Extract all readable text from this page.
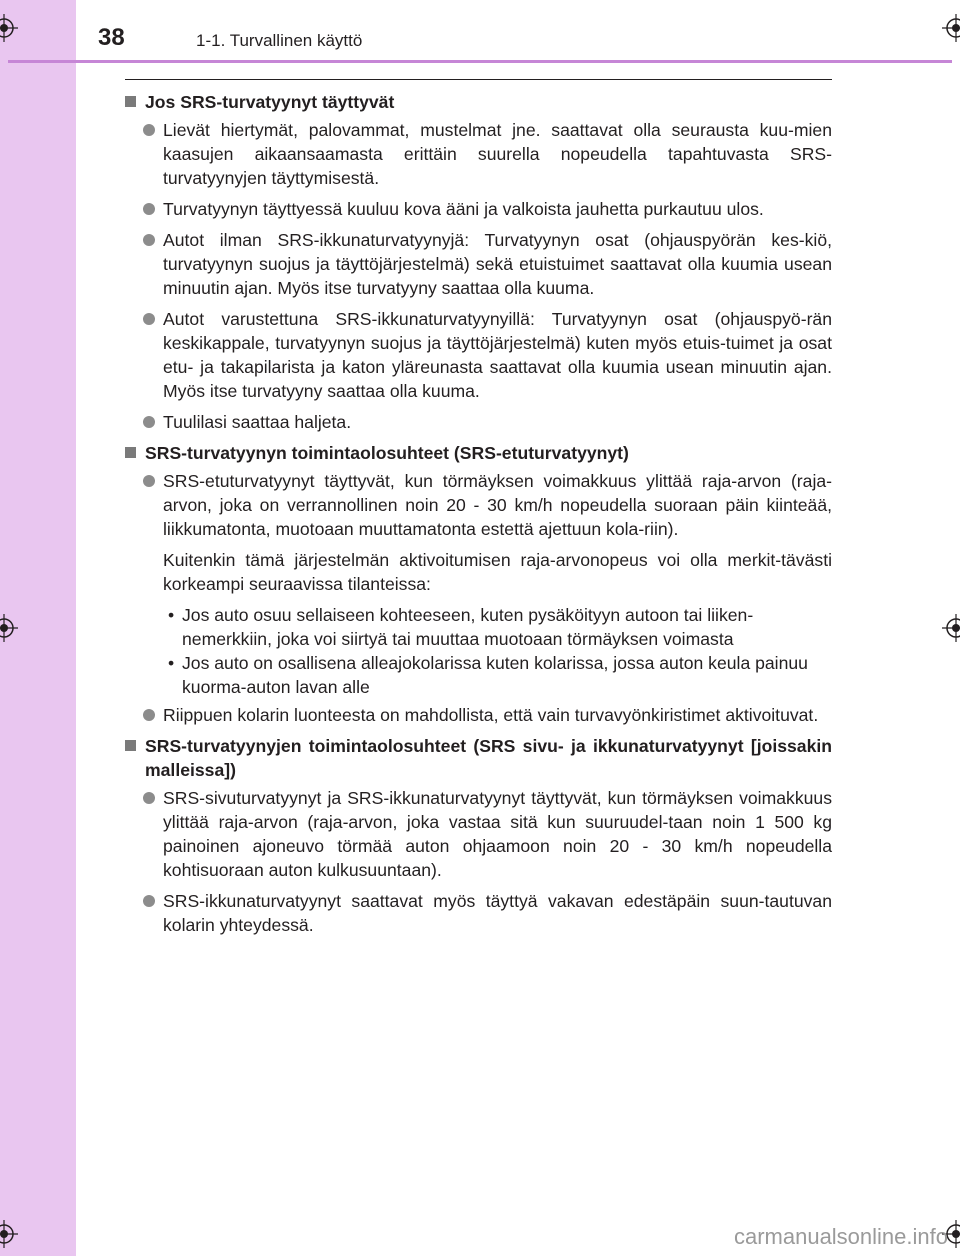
38	1-1. Turvallinen käyttö
Jos SRS-turvatyynyt täyttyvät
Lievät hiertymät, palovammat, mustelmat jne. saattavat olla seurausta kuu-mien kaasujen aikaansaamasta erittäin suurella nopeudella tapahtuvasta SRS-turvatyynyjen täyttymisestä.
Turvatyynyn täyttyessä kuuluu kova ääni ja valkoista jauhetta purkautuu ulos.
Autot ilman SRS-ikkunaturvatyynyjä: Turvatyynyn osat (ohjauspyörän kes-kiö, turvatyynyn suojus ja täyttöjärjestelmä) sekä etuistuimet saattavat olla kuumia usean minuutin ajan. Myös itse turvatyyny saattaa olla kuuma.
Autot varustettuna SRS-ikkunaturvatyynyillä: Turvatyynyn osat (ohjauspyö-rän keskikappale, turvatyynyn suojus ja täyttöjärjestelmä) kuten myös etuis-tuimet ja osat etu- ja takapilarista ja katon yläreunasta saattavat olla kuumia usean minuutin ajan. Myös itse turvatyyny saattaa olla kuuma.
Tuulilasi saattaa haljeta.
SRS-turvatyynyn toimintaolosuhteet (SRS-etuturvatyynyt)
SRS-etuturvatyynyt täyttyvät, kun törmäyksen voimakkuus ylittää raja-arvon (raja-arvon, joka on verrannollinen noin 20 - 30 km/h nopeudella suoraan päin kiinteää, liikkumatonta, muotoaan muuttamatonta estettä ajettuun kola-riin).
Kuitenkin tämä järjestelmän aktivoitumisen raja-arvonopeus voi olla merkit-tävästi korkeampi seuraavissa tilanteissa:
• Jos auto osuu sellaiseen kohteeseen, kuten pysäköityyn autoon tai liiken-nemerkkiin, joka voi siirtyä tai muuttaa muotoaan törmäyksen voimasta
• Jos auto on osallisena alleajokolarissa kuten kolarissa, jossa auton keula painuu kuorma-auton lavan alle
Riippuen kolarin luonteesta on mahdollista, että vain turvavyönkiristimet aktivoituvat.
SRS-turvatyynyjen toimintaolosuhteet (SRS sivu- ja ikkunaturvatyynyt [joissakin malleissa])
SRS-sivuturvatyynyt ja SRS-ikkunaturvatyynyt täyttyvät, kun törmäyksen voimakkuus ylittää raja-arvon (raja-arvon, joka vastaa sitä kun suuruudel-taan noin 1 500 kg painoinen ajoneuvo törmää auton ohjaamoon noin 20 - 30 km/h nopeudella kohtisuoraan auton kulkusuuntaan).
SRS-ikkunaturvatyynyt saattavat myös täyttyä vakavan edestäpäin suun-tautuvan kolarin yhteydessä.
carmanualsonline.info
